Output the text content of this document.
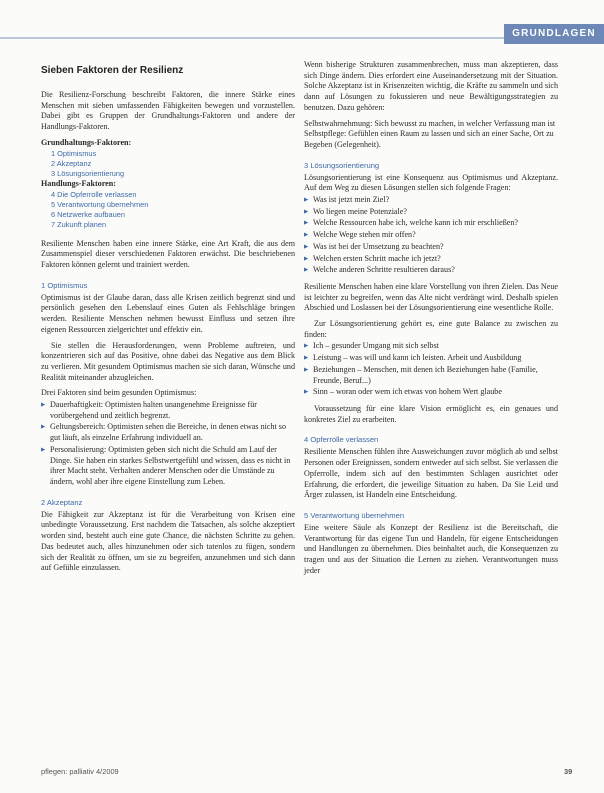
GRUNDLAGEN
Sieben Faktoren der Resilienz

Die Resilienz-Forschung beschreibt Faktoren, die innere Stärke eines Menschen mit sieben umfassenden Fähigkeiten bewegen und vorzustellen. Dabei gibt es Gruppen der Grundhaltungs-Faktoren und andere der Handlungs-Faktoren.

Grundhaltungs-Faktoren:
1 Optimismus
2 Akzeptanz
3 Lösungsorientierung
Handlungs-Faktoren:
4 Die Opferrolle verlassen
5 Verantwortung übernehmen
6 Netzwerke aufbauen
7 Zukunft planen

Resiliente Menschen haben eine innere Stärke, eine Art Kraft, die aus dem Zusammenspiel dieser verschiedenen Faktoren erwächst. Die beschriebenen Faktoren können gelernt und trainiert werden.

1 Optimismus

Optimismus ist der Glaube daran, dass alle Krisen zeitlich begrenzt sind und persönlich gesehen den Lebenslauf eines Guten als Fehlschläge bringen werden. Resiliente Menschen nehmen bewusst Einfluss und setzen ihre eigenen Ressourcen zielgerichtet und effektiv ein.

Sie stellen die Herausforderungen, wenn Probleme auftreten, und konzentrieren sich auf das Positive, ohne dabei das Negative aus dem Blick zu verlieren. Mit gesundem Optimismus machen sie sich daran, Wünsche und Realität miteinander abzugleichen.

Drei Faktoren sind beim gesunden Optimismus:

▶ Dauerhaftigkeit: Optimisten halten unangenehme Ereignisse für vorübergehend und zeitlich begrenzt.
▶ Geltungsbereich: Optimisten sehen die Bereiche, in denen etwas nicht so gut läuft, als einzelne Erfahrung individuell an.
▶ Personalisierung: Optimisten geben sich nicht die Schuld am Lauf der Dinge. Sie haben ein starkes Selbstwertgefühl und wissen, dass es nicht in ihrer Macht steht. Verhalten anderer Menschen oder die Umstände zu ändern, wohl aber ihre eigene Einstellung zum Leben.
2 Akzeptanz

Die Fähigkeit zur Akzeptanz ist für die Verarbeitung von Krisen eine unbedingte Voraussetzung. Erst nachdem die Tatsachen, als solche akzeptiert worden sind, besteht auch eine gute Chance, die nächsten Schritte zu gehen. Das bedeutet auch, alles hinzunehmen oder sich tatenlos zu fügen, sondern sich der Realität zu öffnen, um sie zu begreifen, anzunehmen und sich dann auf Gefühle einzulassen.

Wenn bisherige Strukturen zusammenbrechen, muss man akzeptieren, dass sich Dinge ändern. Dies erfordert eine Auseinandersetzung mit der Situation. Solche Akzeptanz ist in Krisenzeiten wichtig, die Kräfte zu sammeln und sich dann auf Lösungen zu fokussieren und neue Bewältigungsstrategien zu benutzen. Dazu gehören:

Selbstwahrnehmung: Sich bewusst zu machen, in welcher Verfassung man ist
Selbstpflege: Gefühlen einen Raum zu lassen und sich an einer Sache, Ort zu Begeben (Gelegenheit).
3 Lösungsorientierung

Lösungsorientierung ist eine Konsequenz aus Optimismus und Akzeptanz. Auf dem Weg zu diesen Lösungen stellen sich folgende Fragen:

▶ Was ist jetzt mein Ziel?
▶ Wo liegen meine Potenziale?
▶ Welche Ressourcen habe ich, welche kann ich mir erschließen?
▶ Welche Wege stehen mir offen?
▶ Was ist bei der Umsetzung zu beachten?
▶ Welchen ersten Schritt mache ich jetzt?
▶ Welche anderen Schritte resultieren daraus?

Resiliente Menschen haben eine klare Vorstellung von ihren Zielen. Das Neue ist leichter zu begreifen, wenn das Alte nicht verdrängt wird. Deshalb spielen Abschied und Loslassen bei der Lösungsorientierung eine wesentliche Rolle.

Zur Lösungsorientierung gehört es, eine gute Balance zu zwischen zu finden:

▶ Ich – gesunder Umgang mit sich selbst
▶ Leistung – was will und kann ich leisten. Arbeit und Ausbildung
▶ Beziehungen – Menschen, mit denen ich Beziehungen habe (Familie, Freunde, Beruf...)
▶ Sinn – woran oder wem ich etwas von hohem Wert glaube

Voraussetzung für eine klare Vision ermöglicht es, ein genaues und konkretes Ziel zu erarbeiten.

4 Opferrolle verlassen

Resiliente Menschen fühlen ihre Ausweichungen zuvor möglich ab und selbst Personen oder Ereignissen, sondern entweder auf sich selbst. Sie verlassen die Opferrolle, indem sich auf den bestimmten Schlagen ausrichtet oder Erfahrung, die erfordert, die jeweilige Situation zu haben. Da Sie Leid und Ärger zulassen, ist Handeln eine Entscheidung.

5 Verantwortung übernehmen

Eine weitere Säule als Konzept der Resilienz ist die Bereitschaft, die Verantwortung für das eigene Tun und Handeln, für eigene Entscheidungen und Handlungen zu übernehmen. Dies beinhaltet auch, die Konsequenzen zu tragen und aus der Situation die Lernen zu ziehen. Verantwortungen muss jeder

pflegen: palliativ 4/2009	39
